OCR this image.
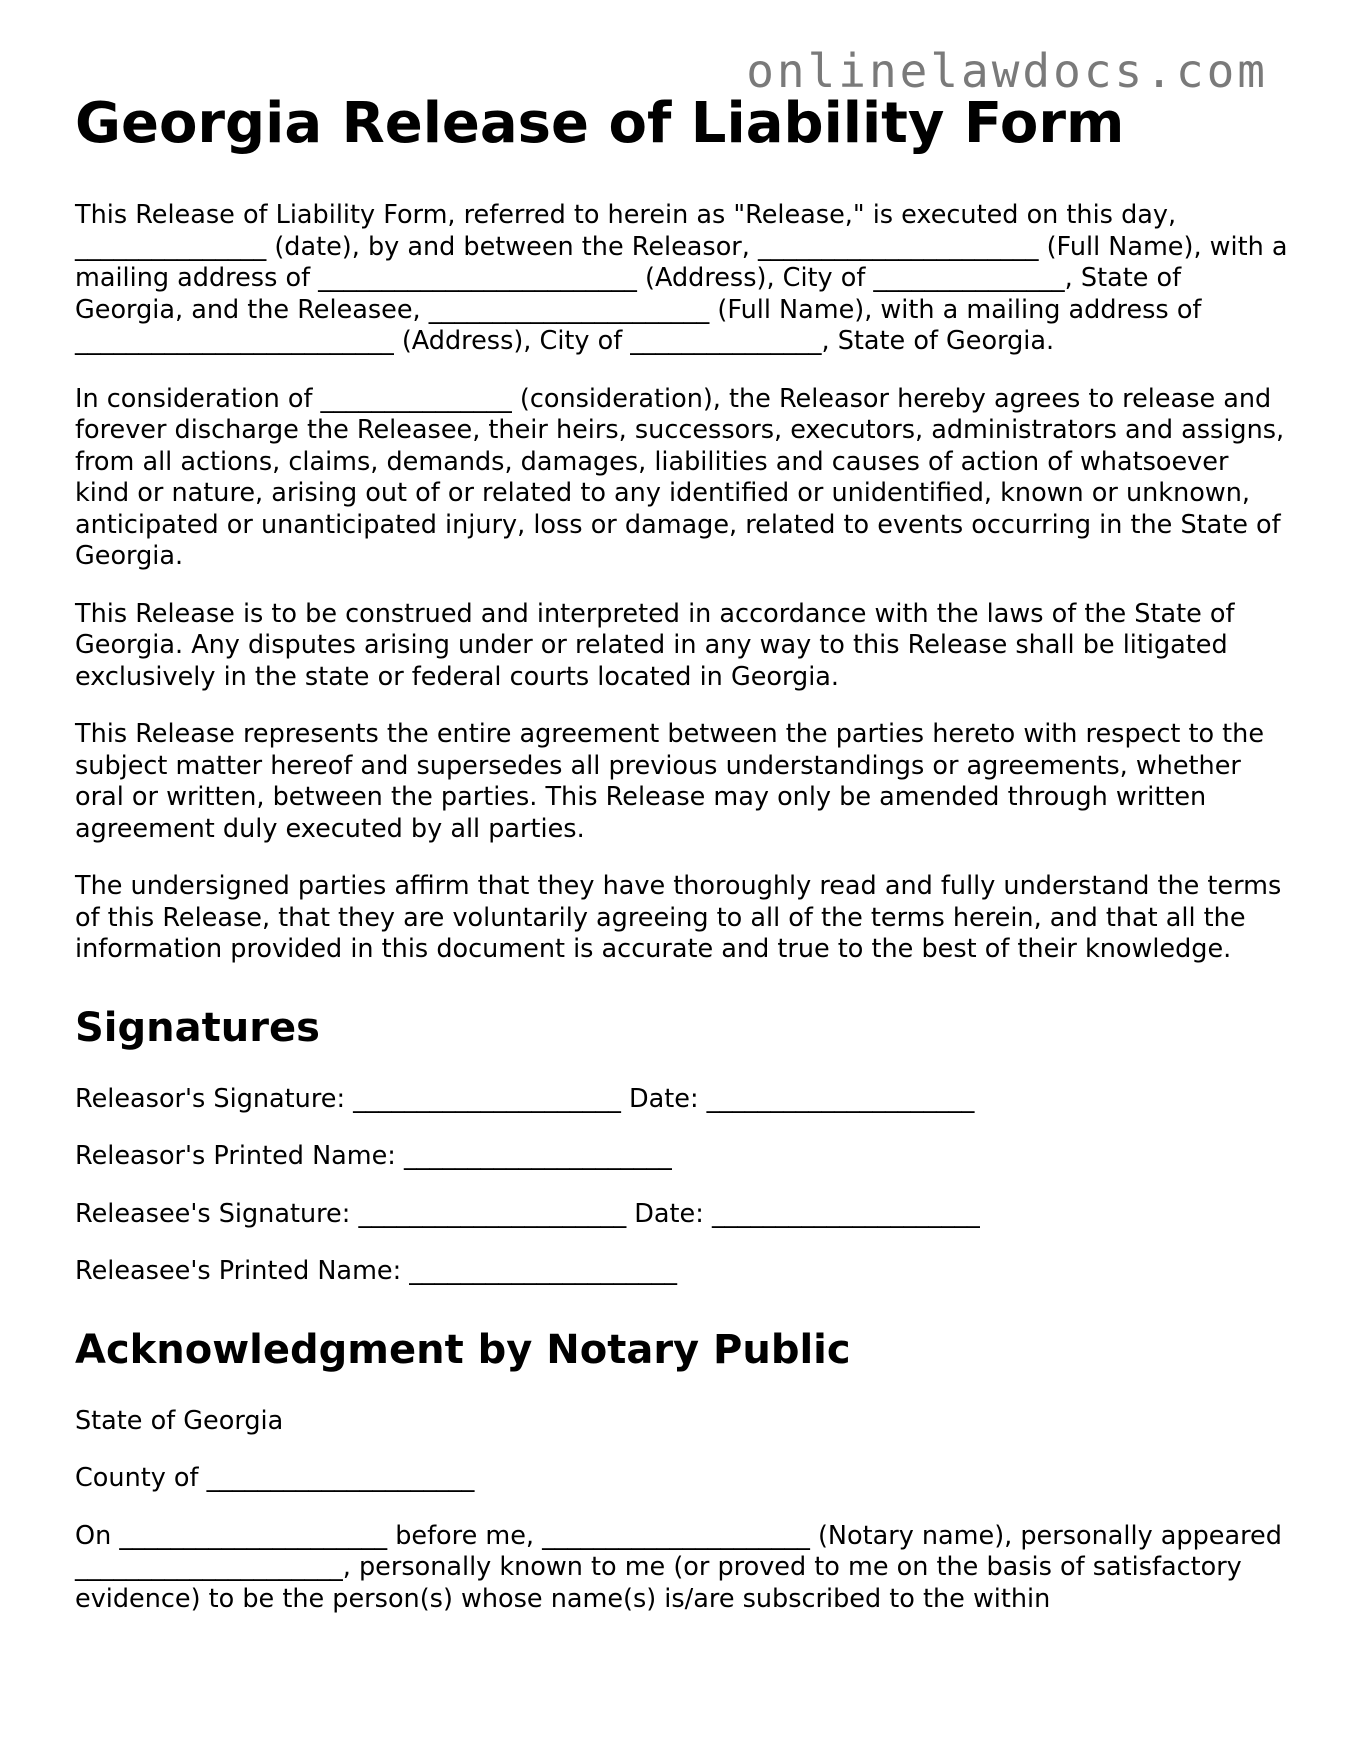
onlinelawdocs.com
Georgia Release of Liability Form

This Release of Liability Form, referred to herein as "Release," is executed on this day, _______________ (date), by and between the Releasor, ______________________ (Full Name), with a mailing address of _________________________ (Address), City of _______________, State of Georgia, and the Releasee, ______________________ (Full Name), with a mailing address of _________________________ (Address), City of _______________, State of Georgia.

In consideration of _______________ (consideration), the Releasor hereby agrees to release and forever discharge the Releasee, their heirs, successors, executors, administrators and assigns, from all actions, claims, demands, damages, liabilities and causes of action of whatsoever kind or nature, arising out of or related to any identified or unidentified, known or unknown, anticipated or unanticipated injury, loss or damage, related to events occurring in the State of Georgia.

This Release is to be construed and interpreted in accordance with the laws of the State of Georgia. Any disputes arising under or related in any way to this Release shall be litigated exclusively in the state or federal courts located in Georgia.

This Release represents the entire agreement between the parties hereto with respect to the subject matter hereof and supersedes all previous understandings or agreements, whether oral or written, between the parties. This Release may only be amended through written agreement duly executed by all parties.

The undersigned parties affirm that they have thoroughly read and fully understand the terms of this Release, that they are voluntarily agreeing to all of the terms herein, and that all the information provided in this document is accurate and true to the best of their knowledge.

Signatures
Releasor's Signature: _____________________ Date: _____________________
Releasor's Printed Name: _____________________
Releasee's Signature: _____________________ Date: _____________________
Releasee's Printed Name: _____________________
Acknowledgment by Notary Public
State of Georgia
County of _____________________

On _____________________ before me, _____________________ (Notary name), personally appeared _____________________, personally known to me (or proved to me on the basis of satisfactory evidence) to be the person(s) whose name(s) is/are subscribed to the within
